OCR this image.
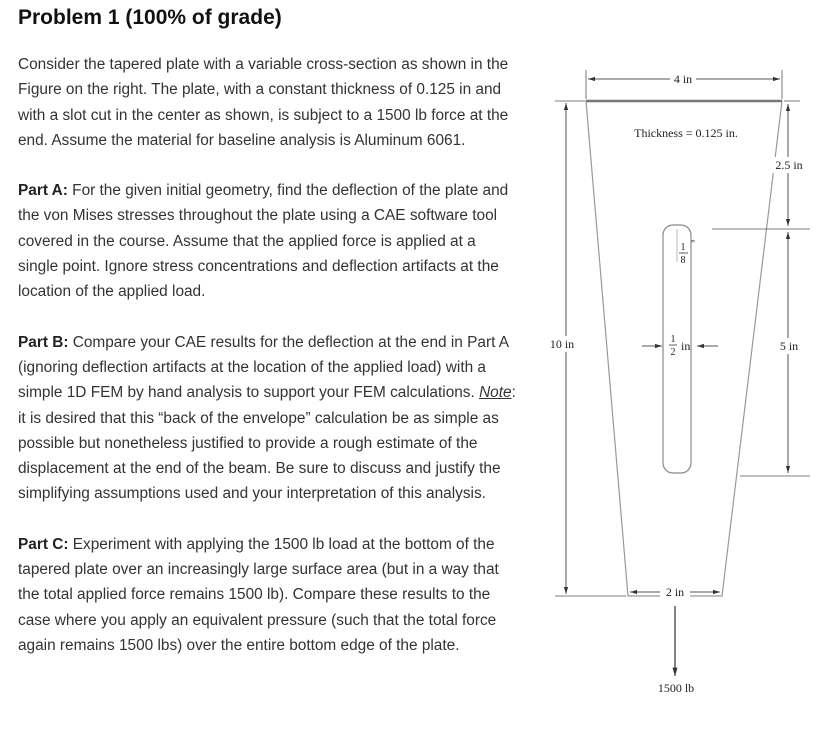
Problem 1 (100% of grade)

Consider the tapered plate with a variable cross-section as shown in the Figure on the right. The plate, with a constant thickness of 0.125 in and with a slot cut in the center as shown, is subject to a 1500 lb force at the end. Assume the material for baseline analysis is Aluminum 6061.

Part A: For the given initial geometry, find the deflection of the plate and the von Mises stresses throughout the plate using a CAE software tool covered in the course. Assume that the applied force is applied at a single point. Ignore stress concentrations and deflection artifacts at the location of the applied load.

Part B: Compare your CAE results for the deflection at the end in Part A (ignoring deflection artifacts at the location of the applied load) with a simple 1D FEM by hand analysis to support your FEM calculations. Note: it is desired that this “back of the envelope” calculation be as simple as possible but nonetheless justified to provide a rough estimate of the displacement at the end of the beam. Be sure to discuss and justify the simplifying assumptions used and your interpretation of this analysis.

Part C: Experiment with applying the 1500 lb load at the bottom of the tapered plate over an increasingly large surface area (but in a way that the total applied force remains 1500 lb). Compare these results to the case where you apply an equivalent pressure (such that the total force again remains 1500 lbs) over the entire bottom edge of the plate.

4 in
Thickness = 0.125 in.
10 in
2.5 in
5 in
1
8
"
1
2 in
2 in
1500 lb
